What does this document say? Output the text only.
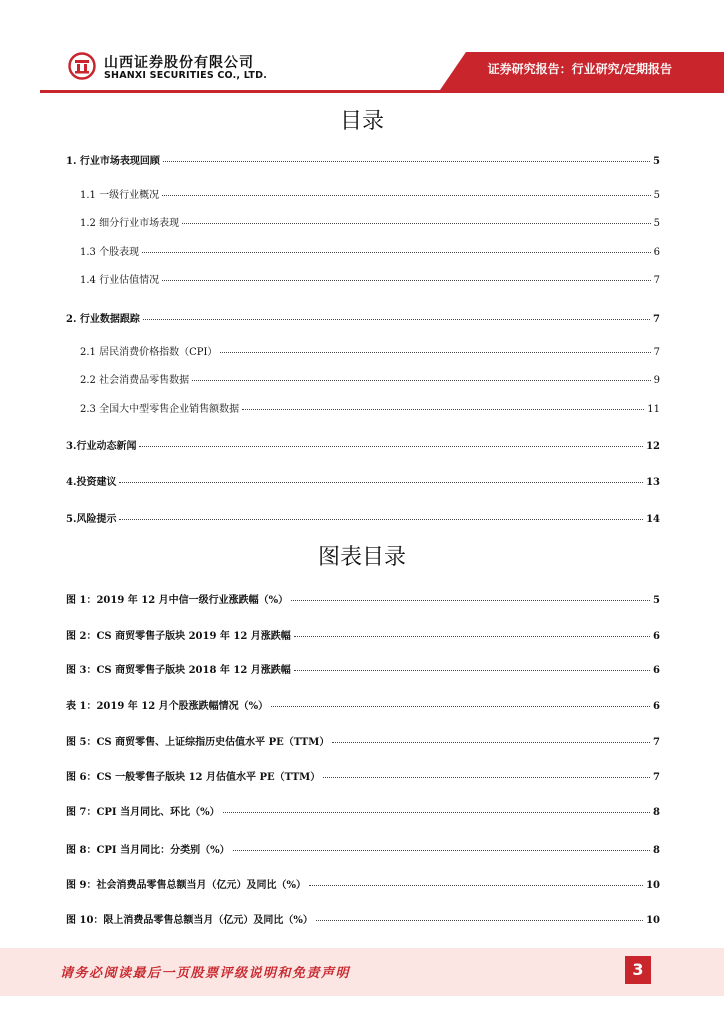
山西证券股份有限公司
SHANXI SECURITIES CO., LTD.	证券研究报告：行业研究/定期报告
目录
1. 行业市场表现回顾	5
1.1 一级行业概况	5
1.2 细分行业市场表现	5
1.3 个股表现	6
1.4 行业估值情况	7
2. 行业数据跟踪	7
2.1 居民消费价格指数（CPI）	7
2.2 社会消费品零售数据	9
2.3 全国大中型零售企业销售额数据	11
3.行业动态新闻	12
4.投资建议	13
5.风险提示	14
图表目录
图 1：2019 年 12 月中信一级行业涨跌幅（%）	5
图 2：CS 商贸零售子版块 2019 年 12 月涨跌幅	6
图 3：CS 商贸零售子版块 2018 年 12 月涨跌幅	6
表 1：2019 年 12 月个股涨跌幅情况（%）	6
图 5：CS 商贸零售、上证综指历史估值水平 PE（TTM）	7
图 6：CS 一般零售子版块 12 月估值水平 PE（TTM）	7
图 7：CPI 当月同比、环比（%）	8
图 8：CPI 当月同比：分类别（%）	8
图 9：社会消费品零售总额当月（亿元）及同比（%）	10
图 10：限上消费品零售总额当月（亿元）及同比（%）	10
请务必阅读最后一页股票评级说明和免责声明	3
